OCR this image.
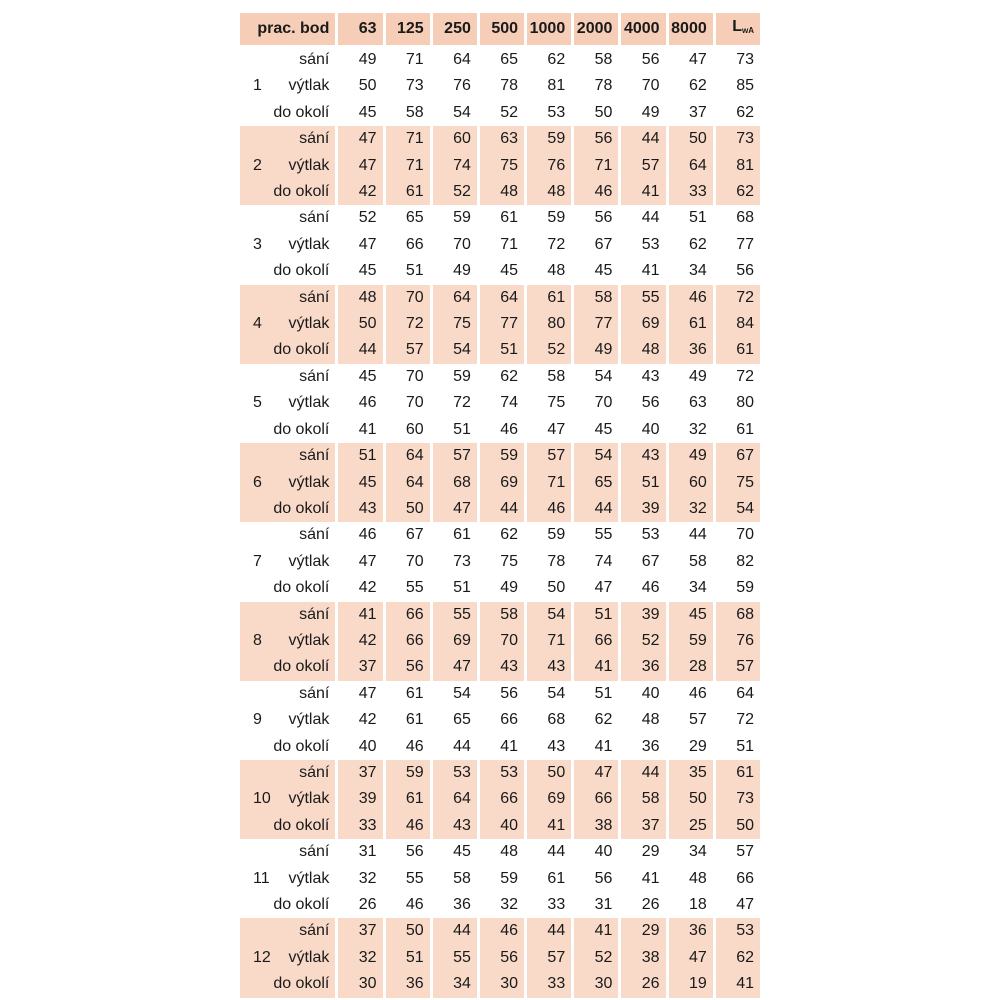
prac. bod	63	125	250	500	1000	2000	4000	8000	LwA
sání	49	71	64	65	62	58	56	47	73

1 výtlak	50	73	76	78	81	78	70	62	85
do okolí	45	58	54	52	53	50	49	37	62
sání	47	71	60	63	59	56	44	50	73

2 výtlak	47	71	74	75	76	71	57	64	81
do okolí	42	61	52	48	48	46	41	33	62
sání	52	65	59	61	59	56	44	51	68

3 výtlak	47	66	70	71	72	67	53	62	77
do okolí	45	51	49	45	48	45	41	34	56
sání	48	70	64	64	61	58	55	46	72

4 výtlak	50	72	75	77	80	77	69	61	84
do okolí	44	57	54	51	52	49	48	36	61
sání	45	70	59	62	58	54	43	49	72

5 výtlak	46	70	72	74	75	70	56	63	80
do okolí	41	60	51	46	47	45	40	32	61
sání	51	64	57	59	57	54	43	49	67

6 výtlak	45	64	68	69	71	65	51	60	75
do okolí	43	50	47	44	46	44	39	32	54
sání	46	67	61	62	59	55	53	44	70

7 výtlak	47	70	73	75	78	74	67	58	82
do okolí	42	55	51	49	50	47	46	34	59
sání	41	66	55	58	54	51	39	45	68

8 výtlak	42	66	69	70	71	66	52	59	76
do okolí	37	56	47	43	43	41	36	28	57
sání	47	61	54	56	54	51	40	46	64

9 výtlak	42	61	65	66	68	62	48	57	72
do okolí	40	46	44	41	43	41	36	29	51
sání	37	59	53	53	50	47	44	35	61

10 výtlak	39	61	64	66	69	66	58	50	73
do okolí	33	46	43	40	41	38	37	25	50
sání	31	56	45	48	44	40	29	34	57

11 výtlak	32	55	58	59	61	56	41	48	66
do okolí	26	46	36	32	33	31	26	18	47
sání	37	50	44	46	44	41	29	36	53

12 výtlak	32	51	55	56	57	52	38	47	62
do okolí	30	36	34	30	33	30	26	19	41
